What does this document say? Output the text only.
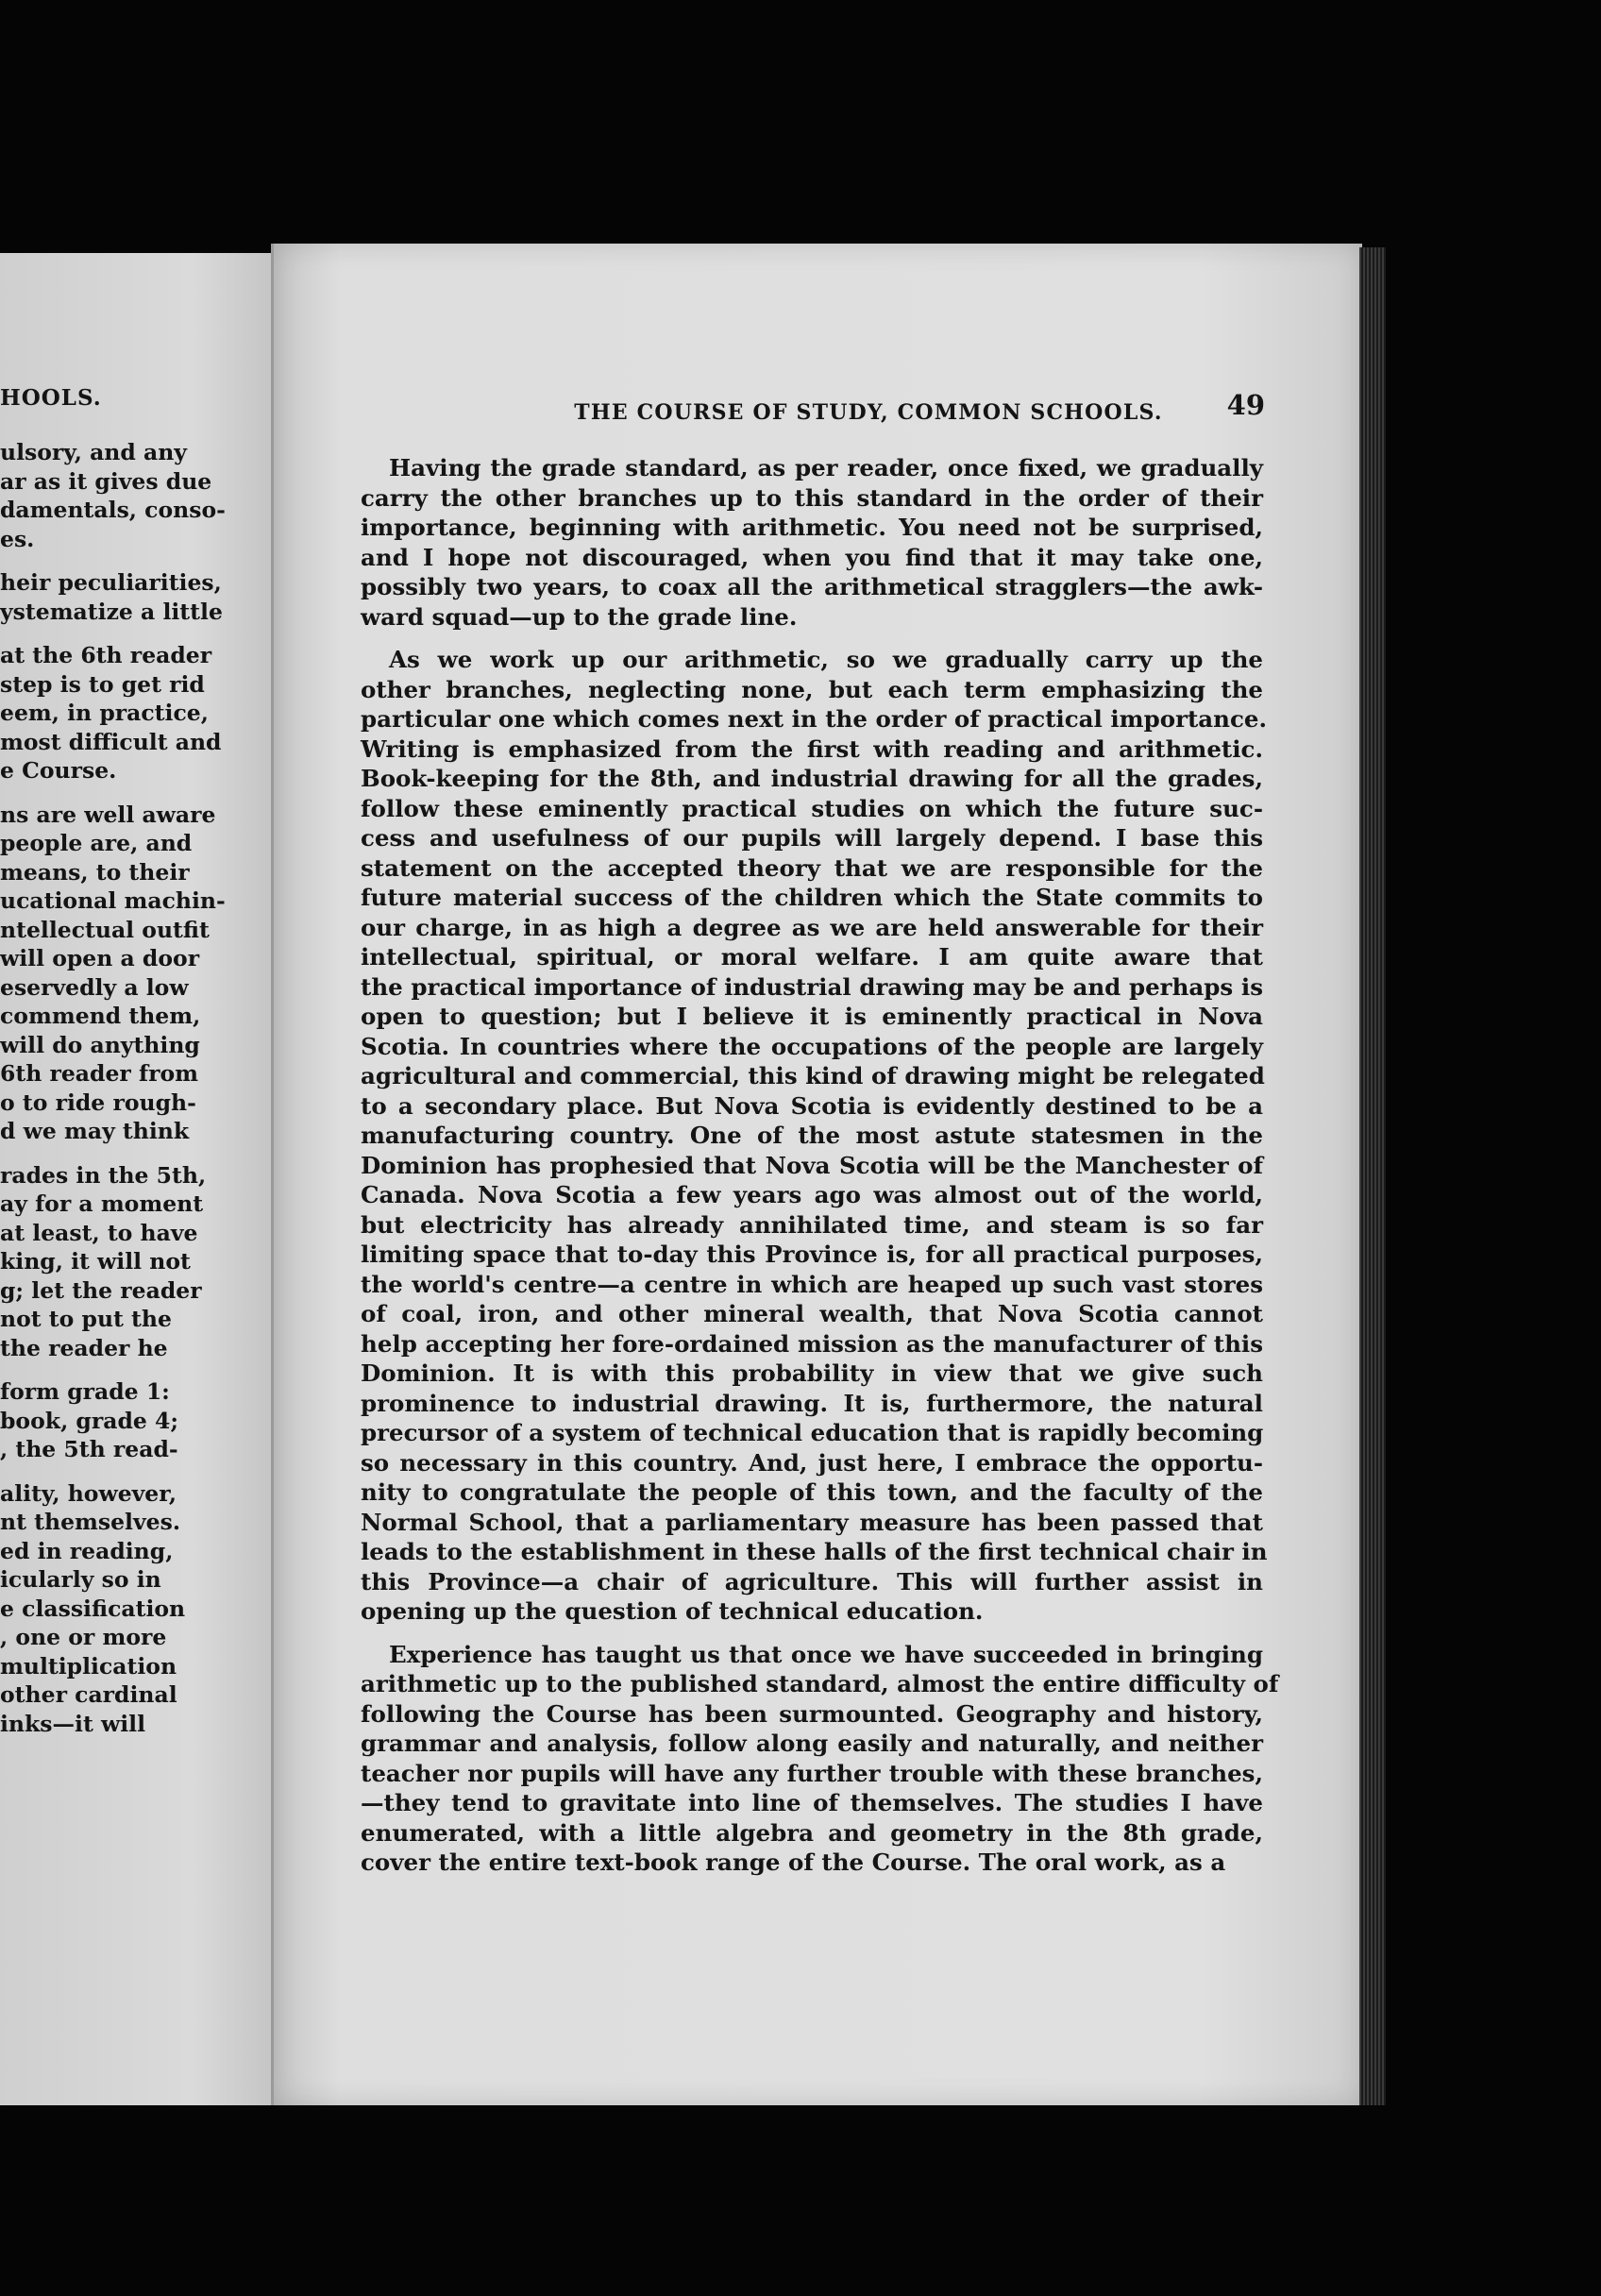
HOOLS.
ulsory, and any
ar as it gives due
damentals, conso-
es.
heir peculiarities,
ystematize a little
at the 6th reader
step is to get rid
eem, in practice,
most difficult and
e Course.
ns are well aware
people are, and
means, to their
ucational machin-
ntellectual outfit
will open a door
eservedly a low
commend them,
will do anything
6th reader from
o to ride rough-
d we may think
rades in the 5th,
ay for a moment
at least, to have
king, it will not
g; let the reader
not to put the
the reader he
form grade 1:
book, grade 4;
, the 5th read-
ality, however,
nt themselves.
ed in reading,
icularly so in
e classification
, one or more
multiplication
other cardinal
inks—it will
THE COURSE OF STUDY, COMMON SCHOOLS.	49
Having the grade standard, as per reader, once fixed, we gradually
carry the other branches up to this standard in the order of their
importance, beginning with arithmetic. You need not be surprised,
and I hope not discouraged, when you find that it may take one,
possibly two years, to coax all the arithmetical stragglers—the awk-
ward squad—up to the grade line.
As we work up our arithmetic, so we gradually carry up the
other branches, neglecting none, but each term emphasizing the
particular one which comes next in the order of practical importance.
Writing is emphasized from the first with reading and arithmetic.
Book-keeping for the 8th, and industrial drawing for all the grades,
follow these eminently practical studies on which the future suc-
cess and usefulness of our pupils will largely depend. I base this
statement on the accepted theory that we are responsible for the
future material success of the children which the State commits to
our charge, in as high a degree as we are held answerable for their
intellectual, spiritual, or moral welfare. I am quite aware that
the practical importance of industrial drawing may be and perhaps is
open to question; but I believe it is eminently practical in Nova
Scotia. In countries where the occupations of the people are largely
agricultural and commercial, this kind of drawing might be relegated
to a secondary place. But Nova Scotia is evidently destined to be a
manufacturing country. One of the most astute statesmen in the
Dominion has prophesied that Nova Scotia will be the Manchester of
Canada. Nova Scotia a few years ago was almost out of the world,
but electricity has already annihilated time, and steam is so far
limiting space that to-day this Province is, for all practical purposes,
the world's centre—a centre in which are heaped up such vast stores
of coal, iron, and other mineral wealth, that Nova Scotia cannot
help accepting her fore-ordained mission as the manufacturer of this
Dominion. It is with this probability in view that we give such
prominence to industrial drawing. It is, furthermore, the natural
precursor of a system of technical education that is rapidly becoming
so necessary in this country. And, just here, I embrace the opportu-
nity to congratulate the people of this town, and the faculty of the
Normal School, that a parliamentary measure has been passed that
leads to the establishment in these halls of the first technical chair in
this Province—a chair of agriculture. This will further assist in
opening up the question of technical education.
Experience has taught us that once we have succeeded in bringing
arithmetic up to the published standard, almost the entire difficulty of
following the Course has been surmounted. Geography and history,
grammar and analysis, follow along easily and naturally, and neither
teacher nor pupils will have any further trouble with these branches,
—they tend to gravitate into line of themselves. The studies I have
enumerated, with a little algebra and geometry in the 8th grade,
cover the entire text-book range of the Course. The oral work, as a
